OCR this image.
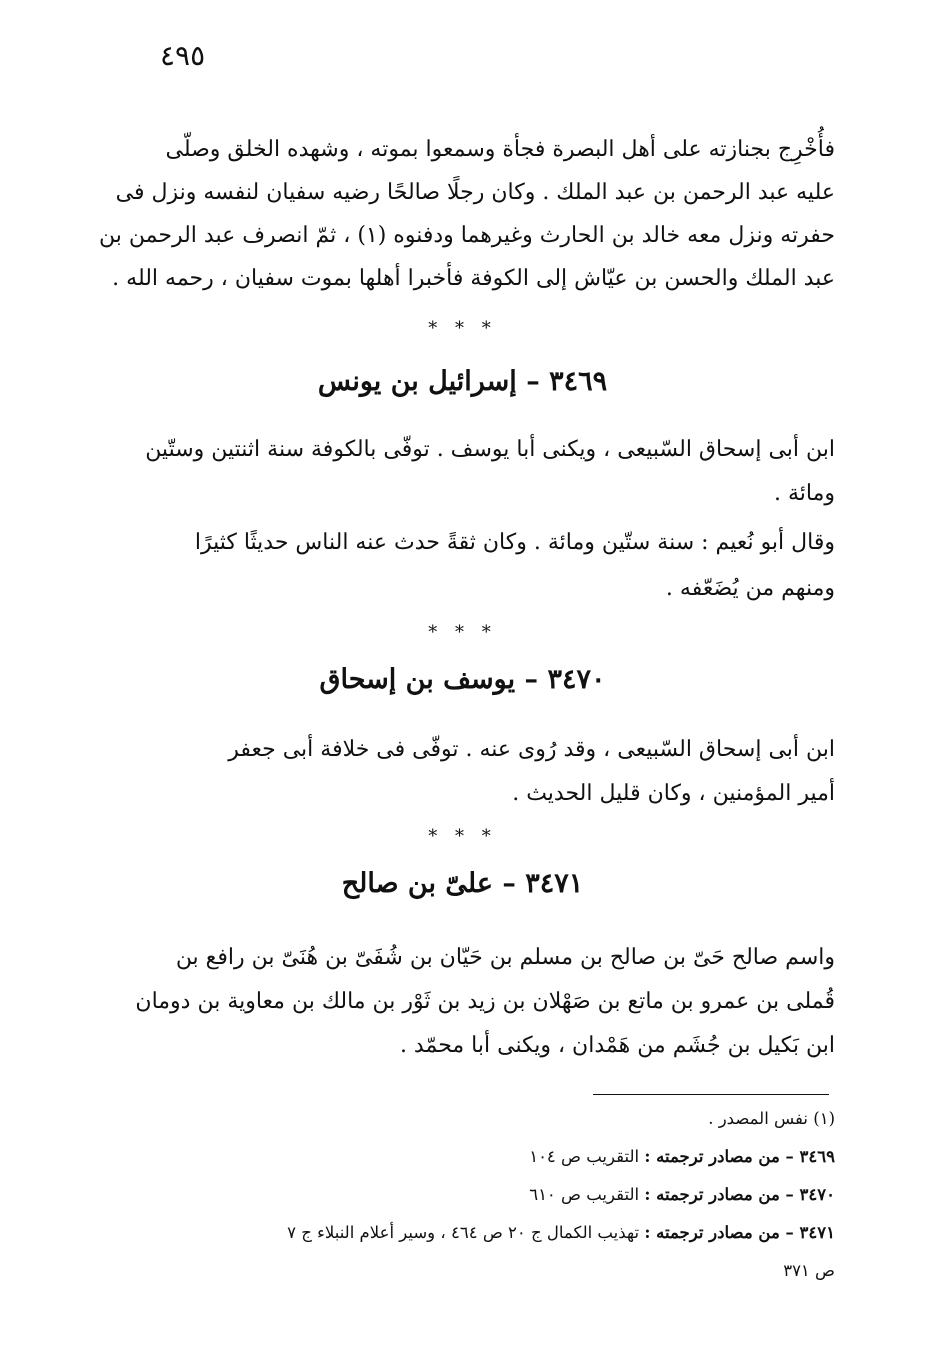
٤٩٥
فأُخْرِج بجنازته على أهل البصرة فجأة وسمعوا بموته ، وشهده الخلق وصلّى
عليه عبد الرحمن بن عبد الملك . وكان رجلًا صالحًا رضيه سفيان لنفسه ونزل فى
حفرته ونزل معه خالد بن الحارث وغيرهما ودفنوه (١) ، ثمّ انصرف عبد الرحمن بن
عبد الملك والحسن بن عيّاش إلى الكوفة فأخبرا أهلها بموت سفيان ، رحمه الله .
* * *
٣٤٦٩ – إسرائيل بن يونس
ابن أبى إسحاق السّبيعى ، ويكنى أبا يوسف . توفّى بالكوفة سنة اثنتين وستّين
ومائة .
وقال أبو نُعيم : سنة ستّين ومائة . وكان ثقةً حدث عنه الناس حديثًا كثيرًا
ومنهم من يُضَعّفه .
* * *
٣٤٧٠ – يوسف بن إسحاق
ابن أبى إسحاق السّبيعى ، وقد رُوى عنه . توفّى فى خلافة أبى جعفر
أمير المؤمنين ، وكان قليل الحديث .
* * *
٣٤٧١ – علىّ بن صالح
واسم صالح حَىّ بن صالح بن مسلم بن حَيّان بن شُفَىّ بن هُنَىّ بن رافع بن
قُملى بن عمرو بن ماتع بن صَهْلان بن زيد بن ثَوْر بن مالك بن معاوية بن دومان
ابن بَكيل بن جُشَم من هَمْدان ، ويكنى أبا محمّد .
(١) نفس المصدر .
٣٤٦٩ – من مصادر ترجمته : التقريب ص ١٠٤
٣٤٧٠ – من مصادر ترجمته : التقريب ص ٦١٠
٣٤٧١ – من مصادر ترجمته : تهذيب الكمال ج ٢٠ ص ٤٦٤ ، وسير أعلام النبلاء ج ٧
ص ٣٧١
